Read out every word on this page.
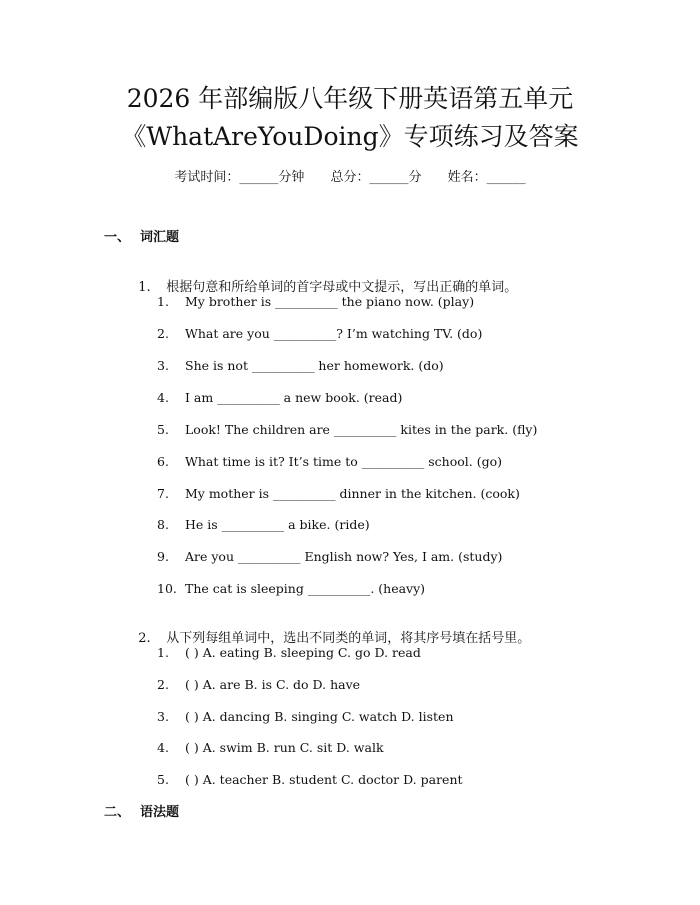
2026 年部编版八年级下册英语第五单元
《WhatAreYouDoing》专项练习及答案
考试时间：______分钟 总分：______分 姓名：______
一、 词汇题

1. 根据句意和所给单词的首字母或中文提示，写出正确的单词。

1. My brother is __________ the piano now. (play)
2. What are you __________? I’m watching TV. (do)
3. She is not __________ her homework. (do)
4. I am __________ a new book. (read)
5. Look! The children are __________ kites in the park. (fly)
6. What time is it? It’s time to __________ school. (go)
7. My mother is __________ dinner in the kitchen. (cook)
8. He is __________ a bike. (ride)
9. Are you __________ English now? Yes, I am. (study)
10. The cat is sleeping __________. (heavy)

2. 从下列每组单词中，选出不同类的单词，将其序号填在括号里。

1. ( ) A. eating B. sleeping C. go D. read
2. ( ) A. are B. is C. do D. have
3. ( ) A. dancing B. singing C. watch D. listen
4. ( ) A. swim B. run C. sit D. walk
5. ( ) A. teacher B. student C. doctor D. parent
二、 语法题
